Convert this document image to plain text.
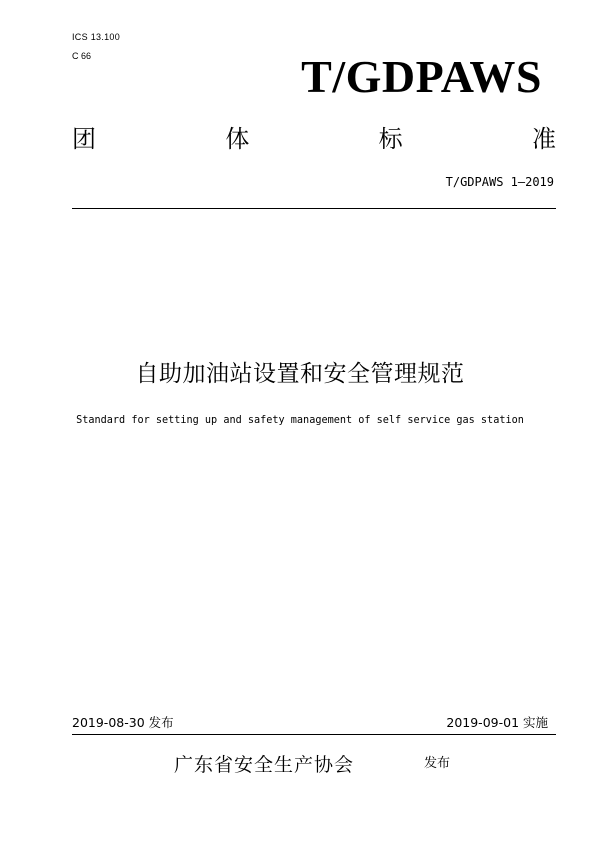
ICS 13.100
C 66	T/GDPAWS
团	体	标	准
T/GDPAWS 1—2019
自助加油站设置和安全管理规范
Standard for setting up and safety management of self service gas station
2019-08-30 发布	2019-09-01 实施
广东省安全生产协会	发布
